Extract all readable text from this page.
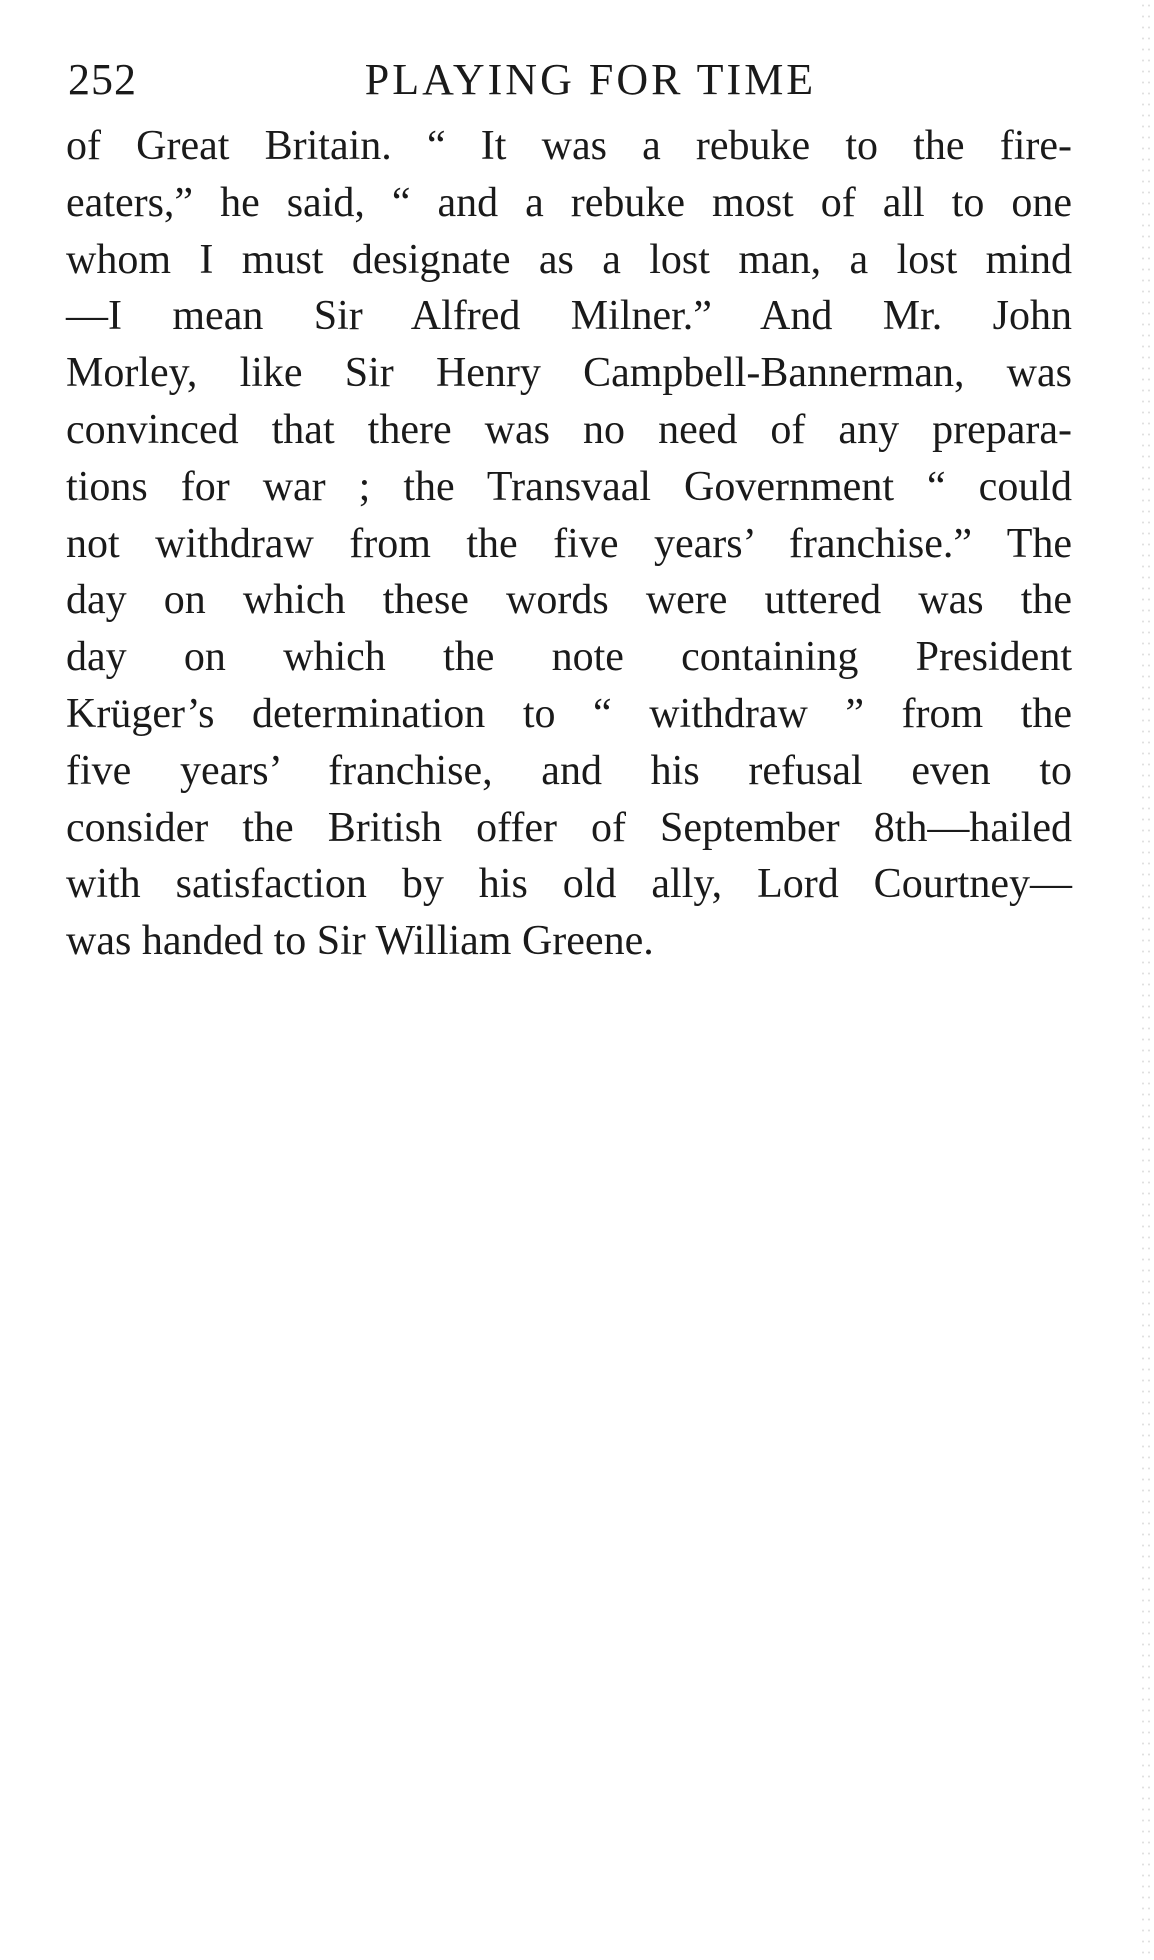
252	PLAYING FOR TIME
of Great Britain. “ It was a rebuke to the fire-
eaters,” he said, “ and a rebuke most of all to one
whom I must designate as a lost man, a lost mind
—I mean Sir Alfred Milner.” And Mr. John
Morley, like Sir Henry Campbell-Bannerman, was
convinced that there was no need of any prepara-
tions for war ; the Transvaal Government “ could
not withdraw from the five years’ franchise.” The
day on which these words were uttered was the
day on which the note containing President
Krüger’s determination to “ withdraw ” from the
five years’ franchise, and his refusal even to
consider the British offer of September 8th—hailed
with satisfaction by his old ally, Lord Courtney—
was handed to Sir William Greene.
